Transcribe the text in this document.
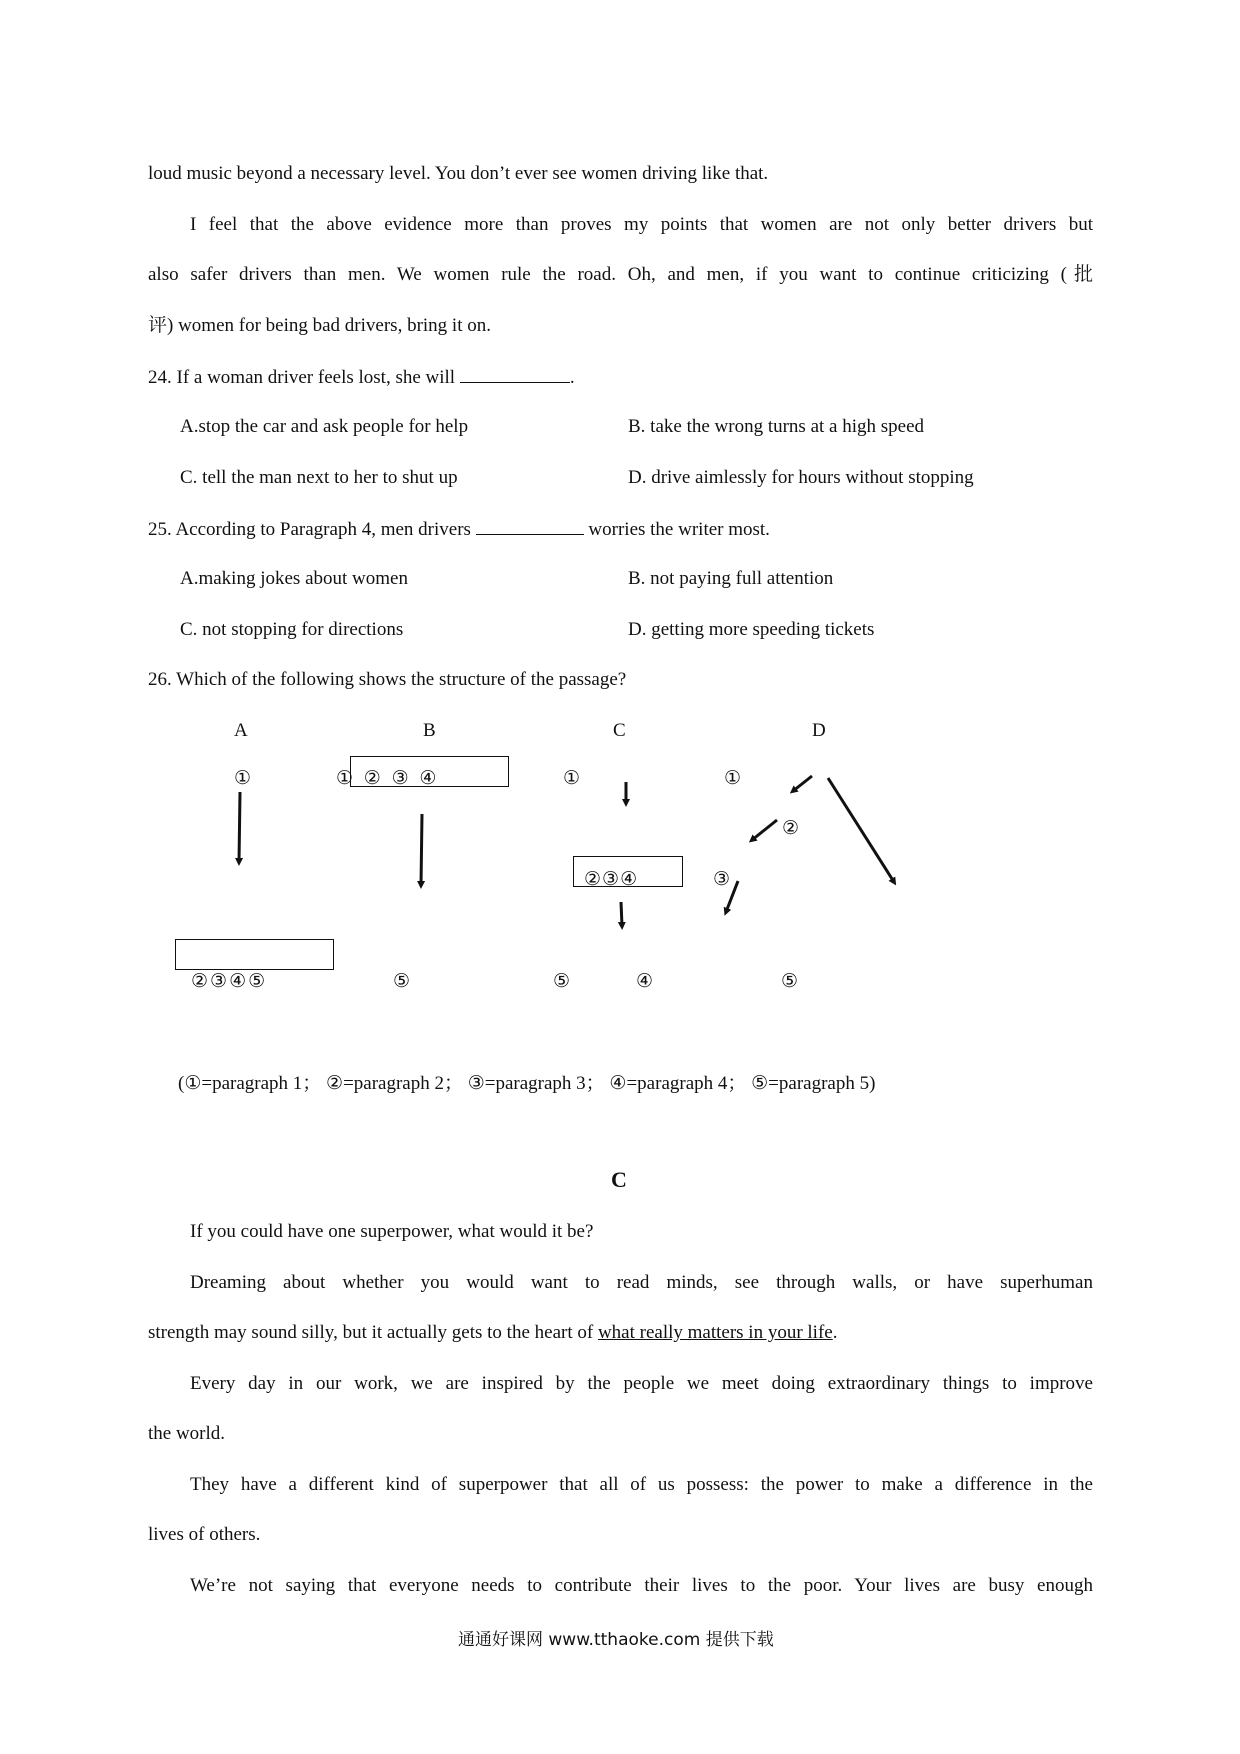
loud music beyond a necessary level. You don’t ever see women driving like that.
I feel that the above evidence more than proves my points that women are not only better drivers but
also safer drivers than men. We women rule the road. Oh, and men, if you want to continue criticizing (批
评) women for being bad drivers, bring it on.
24. If a woman driver feels lost, she will	.
A.stop the car and ask people for help	B. take the wrong turns at a high speed
C. tell the man next to her to shut up	D. drive aimlessly for hours without stopping
25. According to Paragraph 4, men drivers	worries the writer most.
A.making jokes about women	B. not paying full attention
C. not stopping for directions	D. getting more speeding tickets
26. Which of the following shows the structure of the passage?
A	B	C	D
①
②③④⑤
① ② ③ ④
⑤
①
②③④
⑤	④
①
②
③
⑤
(①=paragraph 1； ②=paragraph 2； ③=paragraph 3； ④=paragraph 4； ⑤=paragraph 5)
C
If you could have one superpower, what would it be?
Dreaming about whether you would want to read minds, see through walls, or have superhuman
strength may sound silly, but it actually gets to the heart of what really matters in your life.
Every day in our work, we are inspired by the people we meet doing extraordinary things to improve
the world.
They have a different kind of superpower that all of us possess: the power to make a difference in the
lives of others.
We’re not saying that everyone needs to contribute their lives to the poor. Your lives are busy enough
通通好课网 www.tthaoke.com 提供下载
